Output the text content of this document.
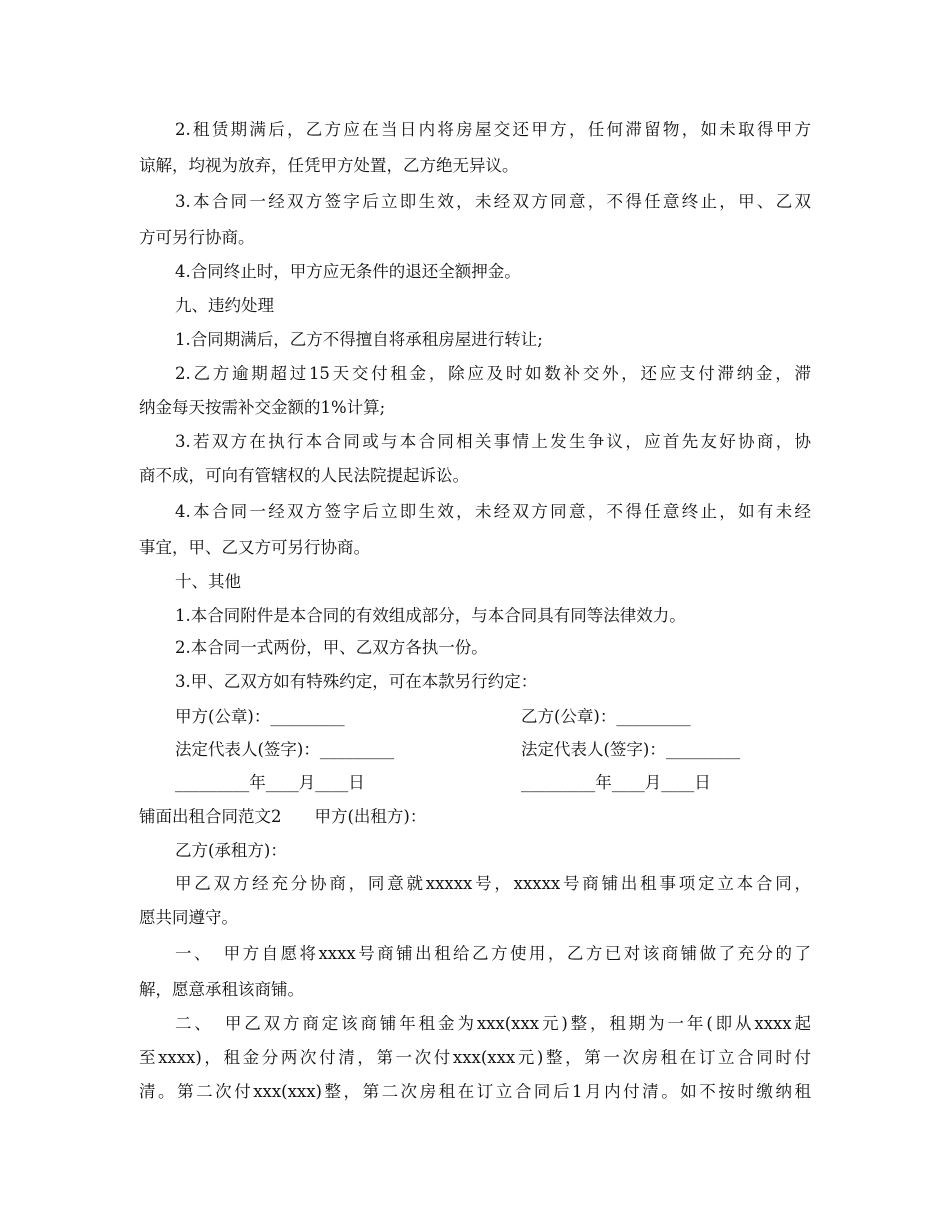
2.租赁期满后，乙方应在当日内将房屋交还甲方，任何滞留物，如未取得甲方
谅解，均视为放弃，任凭甲方处置，乙方绝无异议。
3.本合同一经双方签字后立即生效，未经双方同意，不得任意终止，甲、乙双
方可另行协商。
4.合同终止时，甲方应无条件的退还全额押金。
九、违约处理
1.合同期满后，乙方不得擅自将承租房屋进行转让;
2.乙方逾期超过15天交付租金，除应及时如数补交外，还应支付滞纳金，滞
纳金每天按需补交金额的1%计算;
3.若双方在执行本合同或与本合同相关事情上发生争议，应首先友好协商，协
商不成，可向有管辖权的人民法院提起诉讼。
4.本合同一经双方签字后立即生效，未经双方同意，不得任意终止，如有未经
事宜，甲、乙又方可另行协商。
十、其他
1.本合同附件是本合同的有效组成部分，与本合同具有同等法律效力。
2.本合同一式两份，甲、乙双方各执一份。
3.甲、乙双方如有特殊约定，可在本款另行约定：
甲方(公章)：_________	乙方(公章)：_________
法定代表人(签字)：_________	法定代表人(签字)：_________
_________年____月____日	_________年____月____日
铺面出租合同范文2　　甲方(出租方)：
乙方(承租方)：
甲乙双方经充分协商，同意就xxxxx号，xxxxx号商铺出租事项定立本合同，
愿共同遵守。
一、　甲方自愿将xxxx号商铺出租给乙方使用，乙方已对该商铺做了充分的了
解，愿意承租该商铺。
二、　甲乙双方商定该商铺年租金为xxx(xxx元)整，租期为一年(即从xxxx起
至xxxx)，租金分两次付清，第一次付xxx(xxx元)整，第一次房租在订立合同时付
清。第二次付xxx(xxx)整，第二次房租在订立合同后1月内付清。如不按时缴纳租
